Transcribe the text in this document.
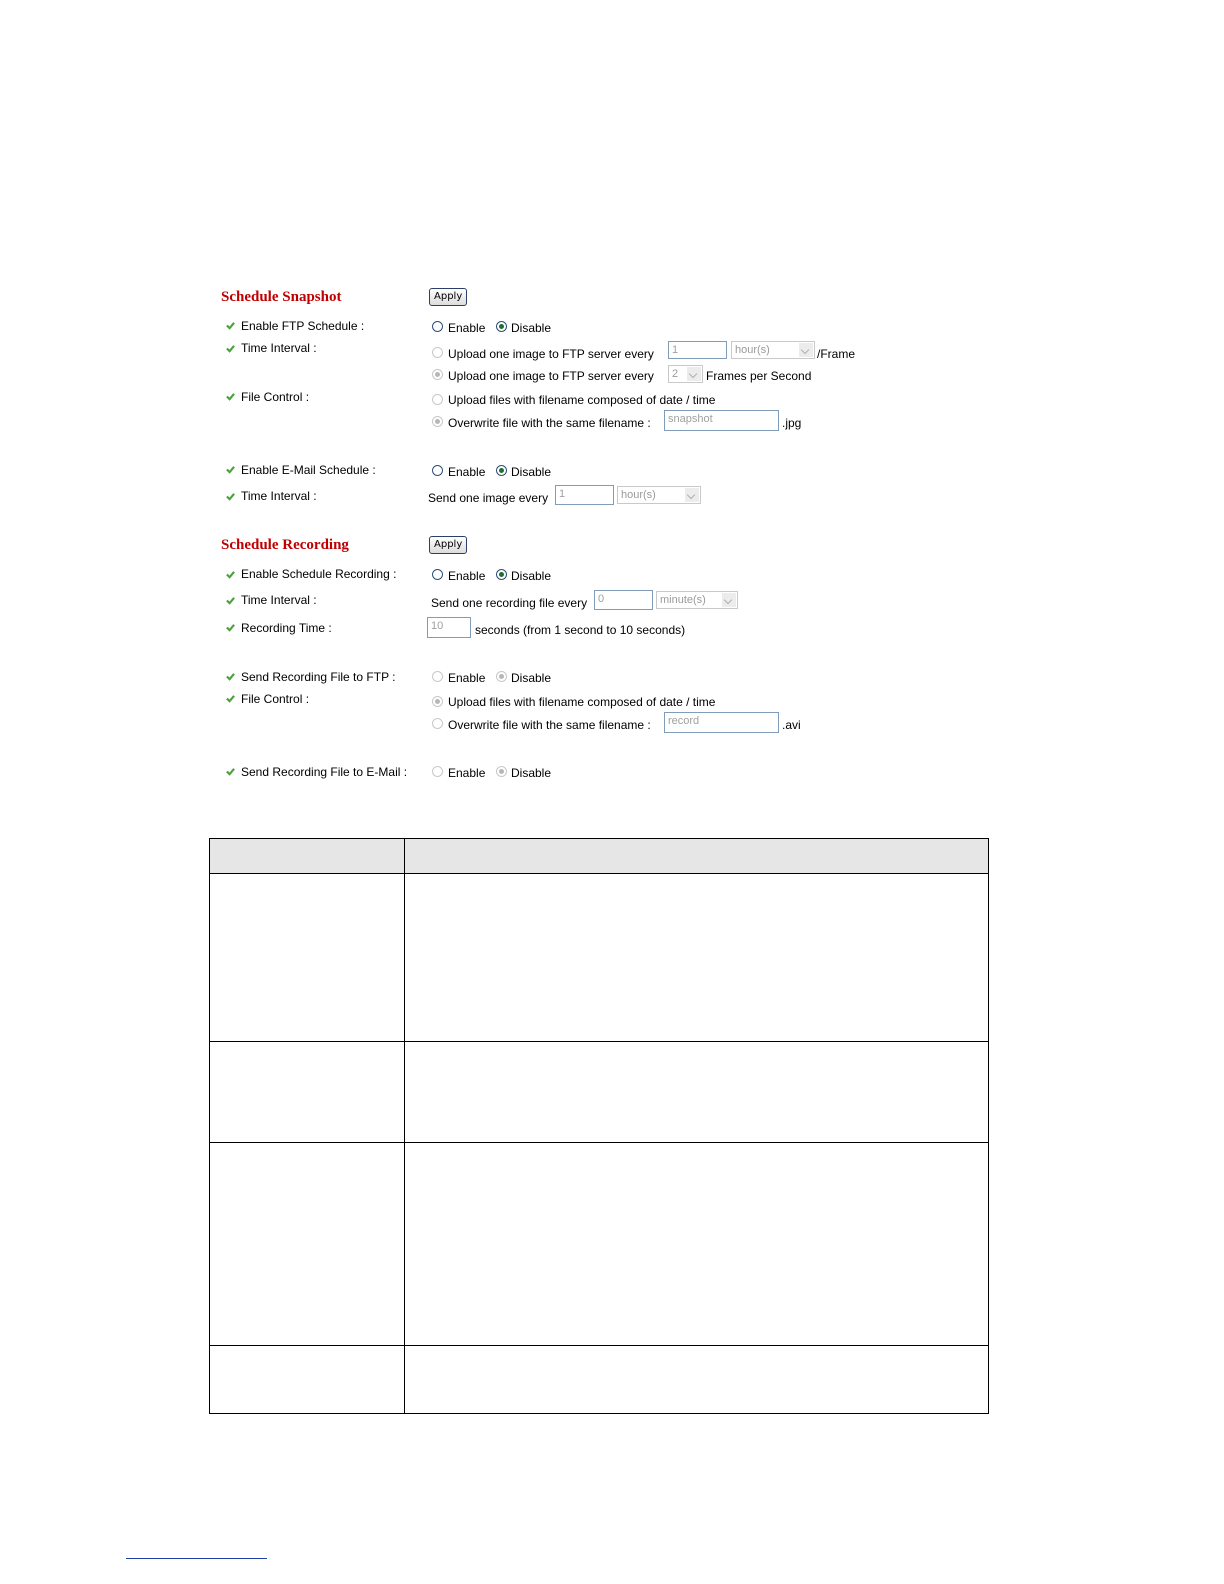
Schedule Snapshot	Apply
Enable FTP Schedule :	Enable Disable
Time Interval :	Upload one image to FTP server every	1	hour(s)	/Frame
Upload one image to FTP server every	2	Frames per Second
File Control :	Upload files with filename composed of date / time
Overwrite file with the same filename :	snapshot	.jpg
Enable E-Mail Schedule :	Enable Disable
Time Interval :	Send one image every 1	hour(s)
Schedule Recording	Apply
Enable Schedule Recording :	Enable Disable
Time Interval :	Send one recording file every 0	minute(s)
Recording Time :	10	seconds (from 1 second to 10 seconds)
Send Recording File to FTP :	Enable Disable
File Control :	Upload files with filename composed of date / time
Overwrite file with the same filename :	record	.avi
Send Recording File to E-Mail :	Enable Disable
